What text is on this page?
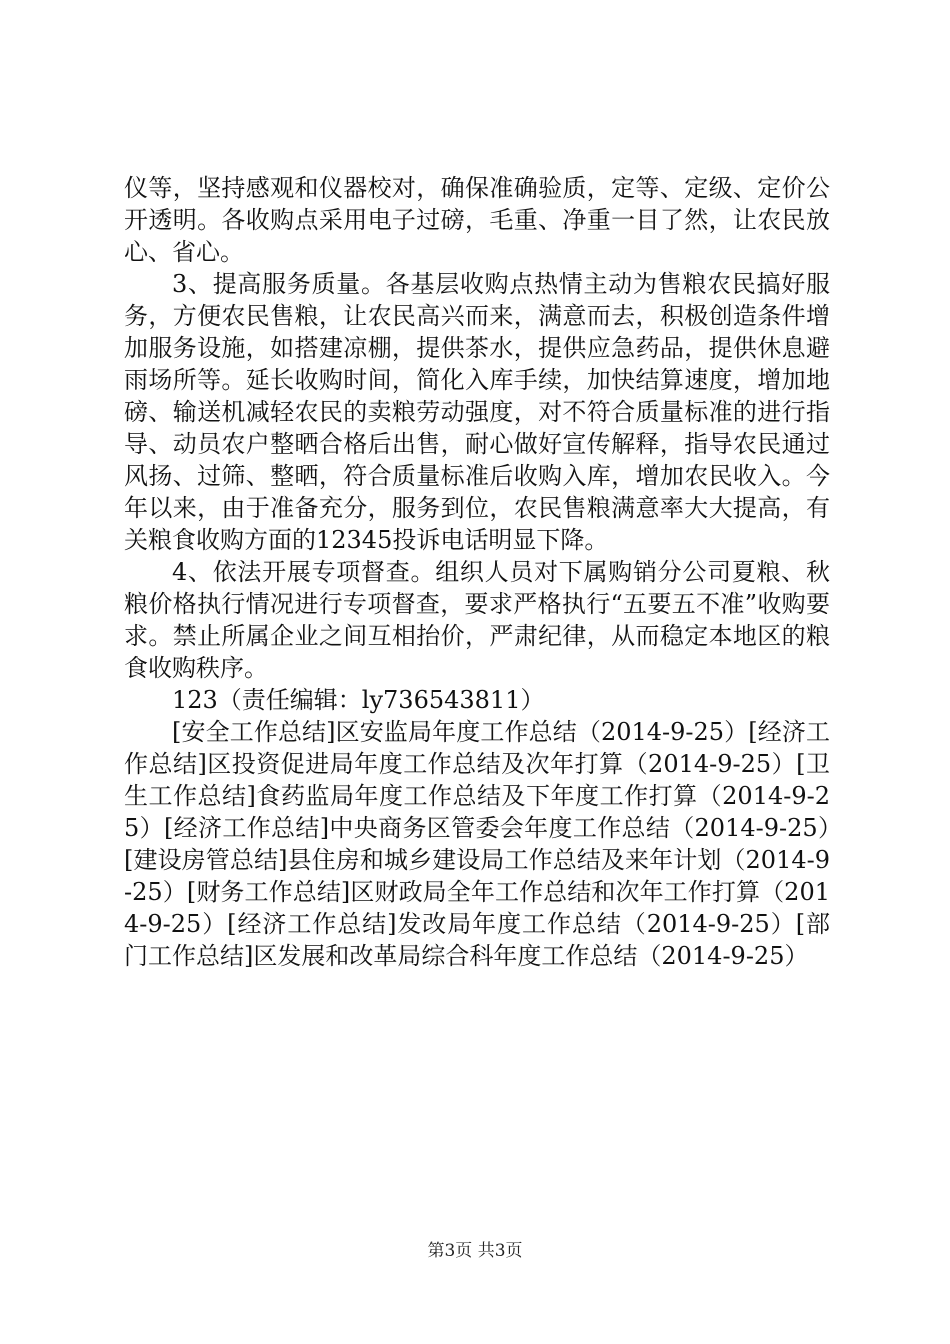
仪等，坚持感观和仪器校对，确保准确验质，定等、定级、定价公开透明。各收购点采用电子过磅，毛重、净重一目了然，让农民放心、省心。

3、提高服务质量。各基层收购点热情主动为售粮农民搞好服务，方便农民售粮，让农民高兴而来，满意而去，积极创造条件增加服务设施，如搭建凉棚，提供茶水，提供应急药品，提供休息避雨场所等。延长收购时间，简化入库手续，加快结算速度，增加地磅、输送机减轻农民的卖粮劳动强度，对不符合质量标准的进行指导、动员农户整晒合格后出售，耐心做好宣传解释，指导农民通过风扬、过筛、整晒，符合质量标准后收购入库，增加农民收入。今年以来，由于准备充分，服务到位，农民售粮满意率大大提高，有关粮食收购方面的12345投诉电话明显下降。

4、依法开展专项督查。组织人员对下属购销分公司夏粮、秋粮价格执行情况进行专项督查，要求严格执行“五要五不准”收购要求。禁止所属企业之间互相抬价，严肃纪律，从而稳定本地区的粮食收购秩序。

123（责任编辑：ly736543811）

[安全工作总结]区安监局年度工作总结（2014-9-25）[经济工作总结]区投资促进局年度工作总结及次年打算（2014-9-25）[卫生工作总结]食药监局年度工作总结及下年度工作打算（2014-9-25）[经济工作总结]中央商务区管委会年度工作总结（2014-9-25）[建设房管总结]县住房和城乡建设局工作总结及来年计划（2014-9-25）[财务工作总结]区财政局全年工作总结和次年工作打算（2014-9-25）[经济工作总结]发改局年度工作总结（2014-9-25）[部门工作总结]区发展和改革局综合科年度工作总结（2014-9-25）

第3页 共3页
